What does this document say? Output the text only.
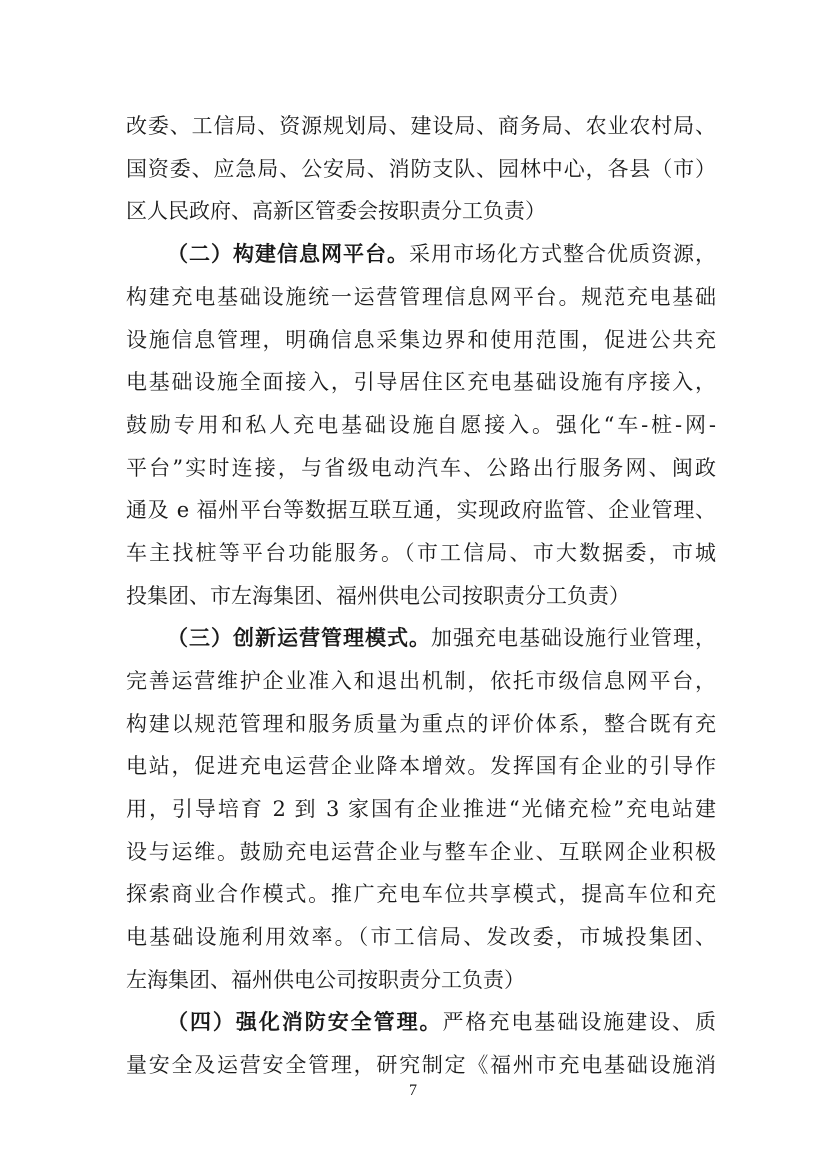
改委、工信局、资源规划局、建设局、商务局、农业农村局、
国资委、应急局、公安局、消防支队、园林中心，各县（市）
区人民政府、高新区管委会按职责分工负责）
（二）构建信息网平台。采用市场化方式整合优质资源，
构建充电基础设施统一运营管理信息网平台。规范充电基础
设施信息管理，明确信息采集边界和使用范围，促进公共充
电基础设施全面接入，引导居住区充电基础设施有序接入，
鼓励专用和私人充电基础设施自愿接入。强化“车-桩-网-
平台”实时连接，与省级电动汽车、公路出行服务网、闽政
通及 e 福州平台等数据互联互通，实现政府监管、企业管理、
车主找桩等平台功能服务。（市工信局、市大数据委，市城
投集团、市左海集团、福州供电公司按职责分工负责）
（三）创新运营管理模式。加强充电基础设施行业管理，
完善运营维护企业准入和退出机制，依托市级信息网平台，
构建以规范管理和服务质量为重点的评价体系，整合既有充
电站，促进充电运营企业降本增效。发挥国有企业的引导作
用，引导培育 2 到 3 家国有企业推进“光储充检”充电站建
设与运维。鼓励充电运营企业与整车企业、互联网企业积极
探索商业合作模式。推广充电车位共享模式，提高车位和充
电基础设施利用效率。（市工信局、发改委，市城投集团、
左海集团、福州供电公司按职责分工负责）
（四）强化消防安全管理。严格充电基础设施建设、质
量安全及运营安全管理，研究制定《福州市充电基础设施消
7
